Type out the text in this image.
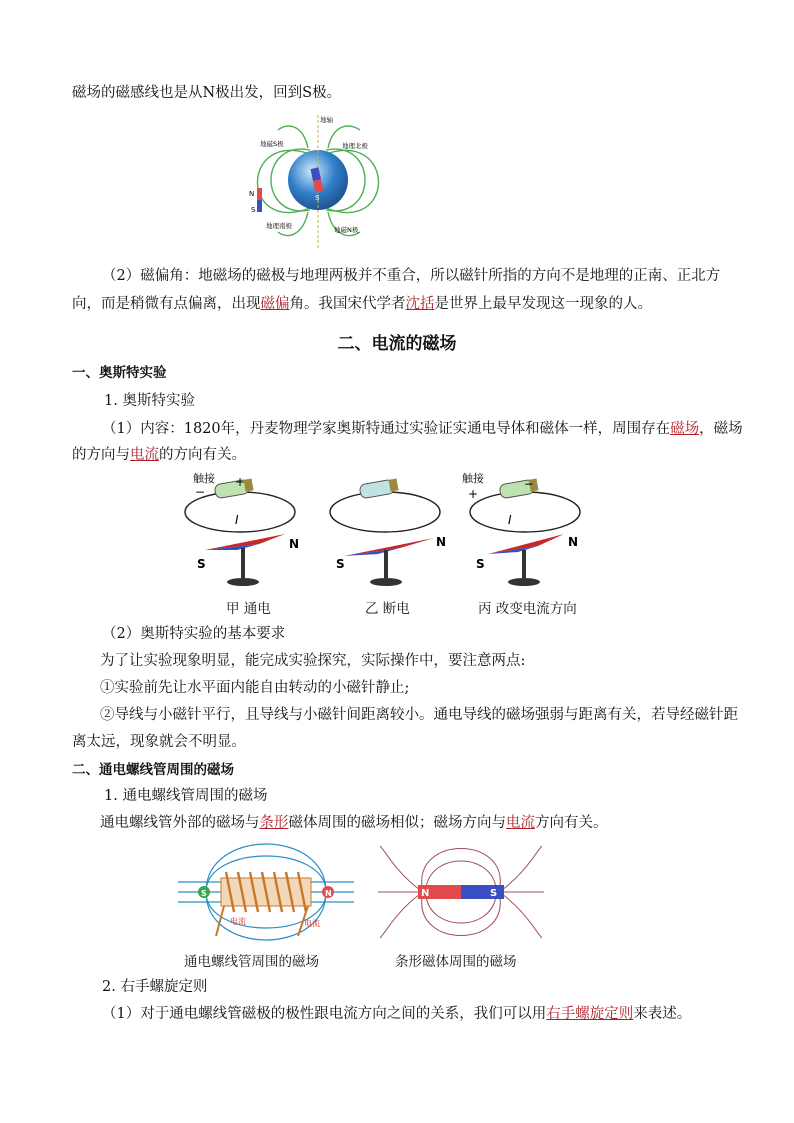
磁场的磁感线也是从N极出发，回到S极。
S
N
S
地轴
地磁S极	地理北极
地理南极	地磁N极
（2）磁偏角：地磁场的磁极与地理两极并不重合，所以磁针所指的方向不是地理的正南、正北方
向，而是稍微有点偏离，出现磁偏角。我国宋代学者沈括是世界上最早发现这一现象的人。
二、电流的磁场
一、奥斯特实验
1. 奥斯特实验
（1）内容：1820年，丹麦物理学家奥斯特通过实验证实通电导体和磁体一样，周围存在磁场，磁场
的方向与电流的方向有关。
触接 +
−
I
N
S
N
S
触接
+
−
I
N
S
甲 通电	乙 断电	丙 改变电流方向
（2）奥斯特实验的基本要求
为了让实验现象明显，能完成实验探究，实际操作中，要注意两点:
①实验前先让水平面内能自由转动的小磁针静止;
②导线与小磁针平行，且导线与小磁针间距离较小。通电导线的磁场强弱与距离有关，若导经磁针距
离太远，现象就会不明显。
二、通电螺线管周围的磁场
1. 通电螺线管周围的磁场
通电螺线管外部的磁场与条形磁体周围的磁场相似；磁场方向与电流方向有关。
S	N
电流	电流
N	S
通电螺线管周围的磁场	条形磁体周围的磁场
2. 右手螺旋定则
（1）对于通电螺线管磁极的极性跟电流方向之间的关系，我们可以用右手螺旋定则来表述。
